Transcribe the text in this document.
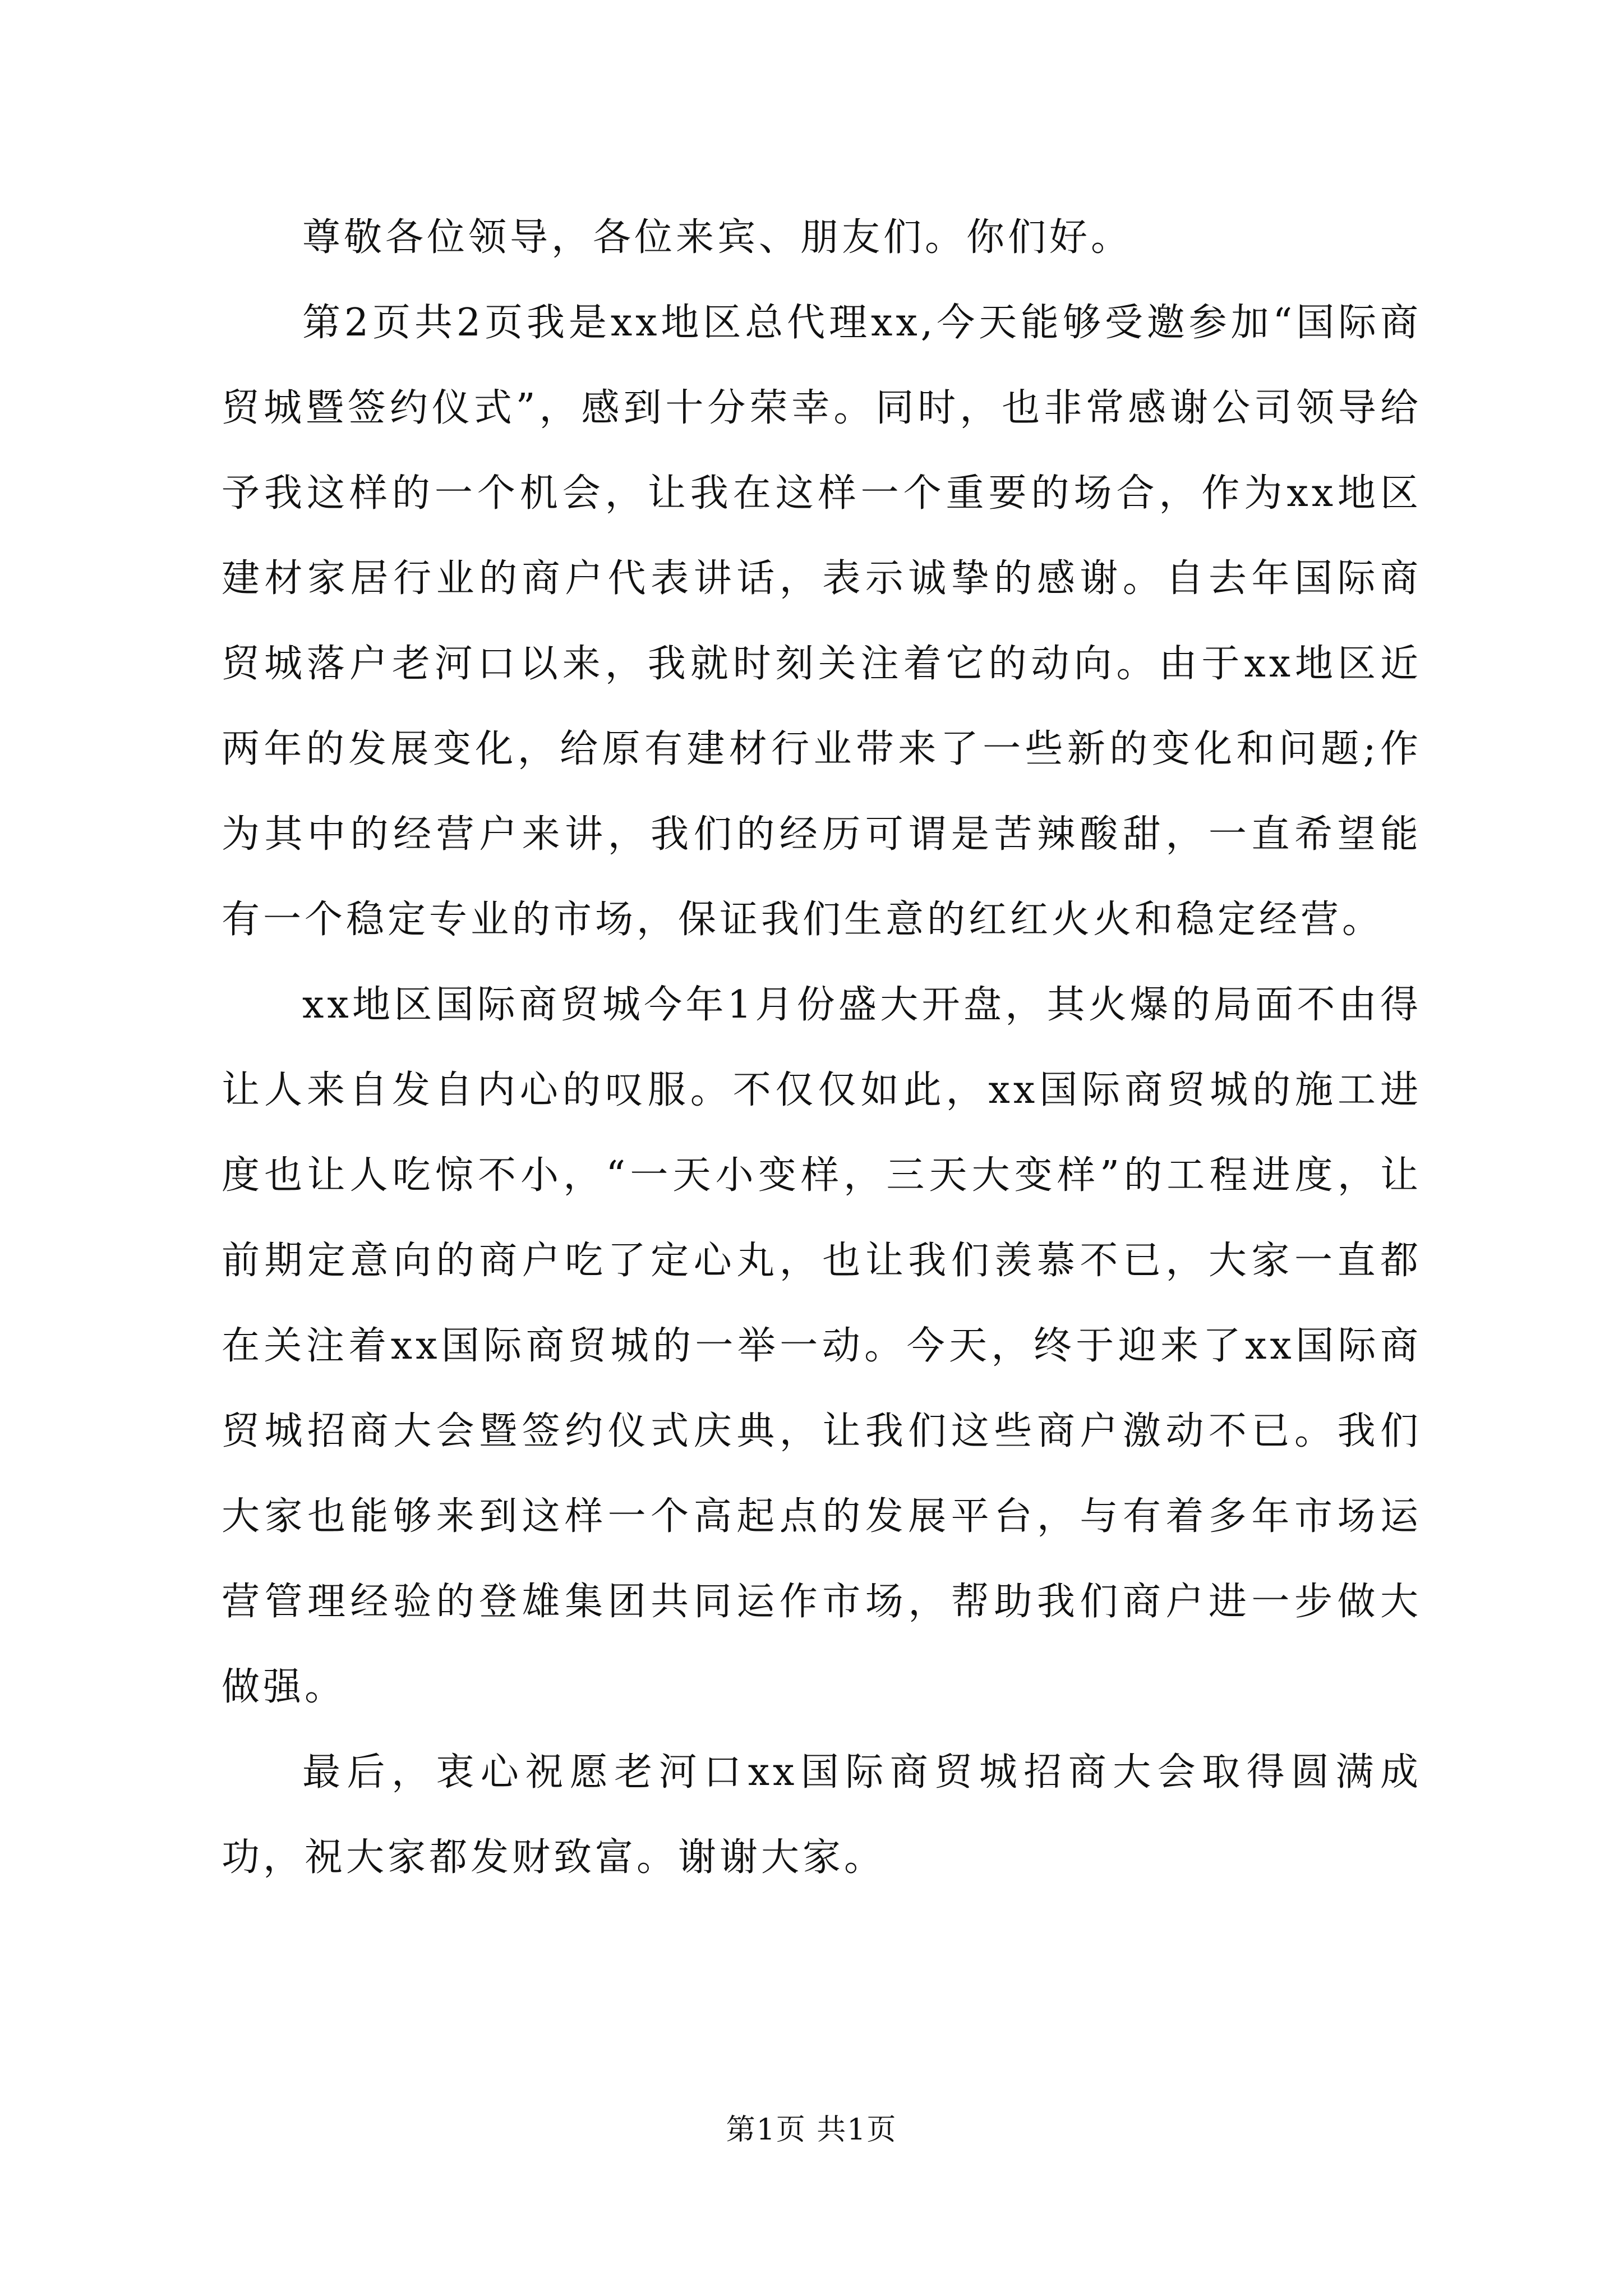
尊敬各位领导，各位来宾、朋友们。你们好。

第2页共2页我是xx地区总代理xx,今天能够受邀参加“国际商贸城暨签约仪式”，感到十分荣幸。同时，也非常感谢公司领导给予我这样的一个机会，让我在这样一个重要的场合，作为xx地区建材家居行业的商户代表讲话，表示诚挚的感谢。自去年国际商贸城落户老河口以来，我就时刻关注着它的动向。由于xx地区近两年的发展变化，给原有建材行业带来了一些新的变化和问题;作为其中的经营户来讲，我们的经历可谓是苦辣酸甜，一直希望能有一个稳定专业的市场，保证我们生意的红红火火和稳定经营。

xx地区国际商贸城今年1月份盛大开盘，其火爆的局面不由得让人来自发自内心的叹服。不仅仅如此，xx国际商贸城的施工进度也让人吃惊不小，“一天小变样，三天大变样”的工程进度，让前期定意向的商户吃了定心丸，也让我们羡慕不已，大家一直都在关注着xx国际商贸城的一举一动。今天，终于迎来了xx国际商贸城招商大会暨签约仪式庆典，让我们这些商户激动不已。我们大家也能够来到这样一个高起点的发展平台，与有着多年市场运营管理经验的登雄集团共同运作市场，帮助我们商户进一步做大做强。

最后，衷心祝愿老河口xx国际商贸城招商大会取得圆满成功，祝大家都发财致富。谢谢大家。

第1页 共1页
